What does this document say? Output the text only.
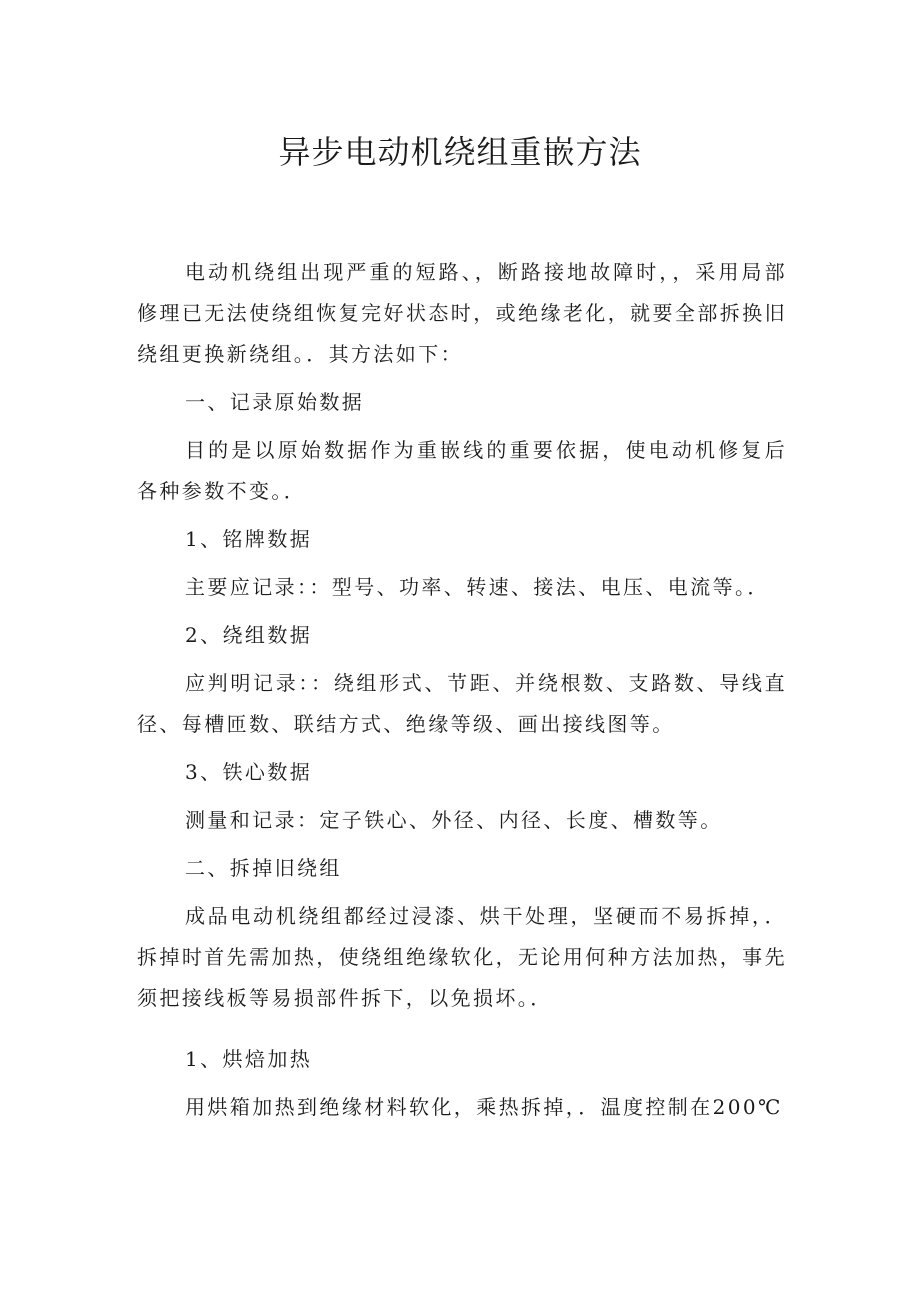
异步电动机绕组重嵌方法

电动机绕组出现严重的短路、，断路接地故障时，，采用局部修理已无法使绕组恢复完好状态时，或绝缘老化，就要全部拆换旧绕组更换新绕组。．其方法如下：

一、记录原始数据

目的是以原始数据作为重嵌线的重要依据，使电动机修复后各种参数不变。．

1、铭牌数据

主要应记录：：型号、功率、转速、接法、电压、电流等。．

2、绕组数据

应判明记录：：绕组形式、节距、并绕根数、支路数、导线直径、每槽匝数、联结方式、绝缘等级、画出接线图等。

3、铁心数据

测量和记录：定子铁心、外径、内径、长度、槽数等。

二、拆掉旧绕组

成品电动机绕组都经过浸漆、烘干处理，坚硬而不易拆掉，．拆掉时首先需加热，使绕组绝缘软化，无论用何种方法加热，事先须把接线板等易损部件拆下，以免损坏。．

1、烘焙加热

用烘箱加热到绝缘材料软化，乘热拆掉，．温度控制在200℃
